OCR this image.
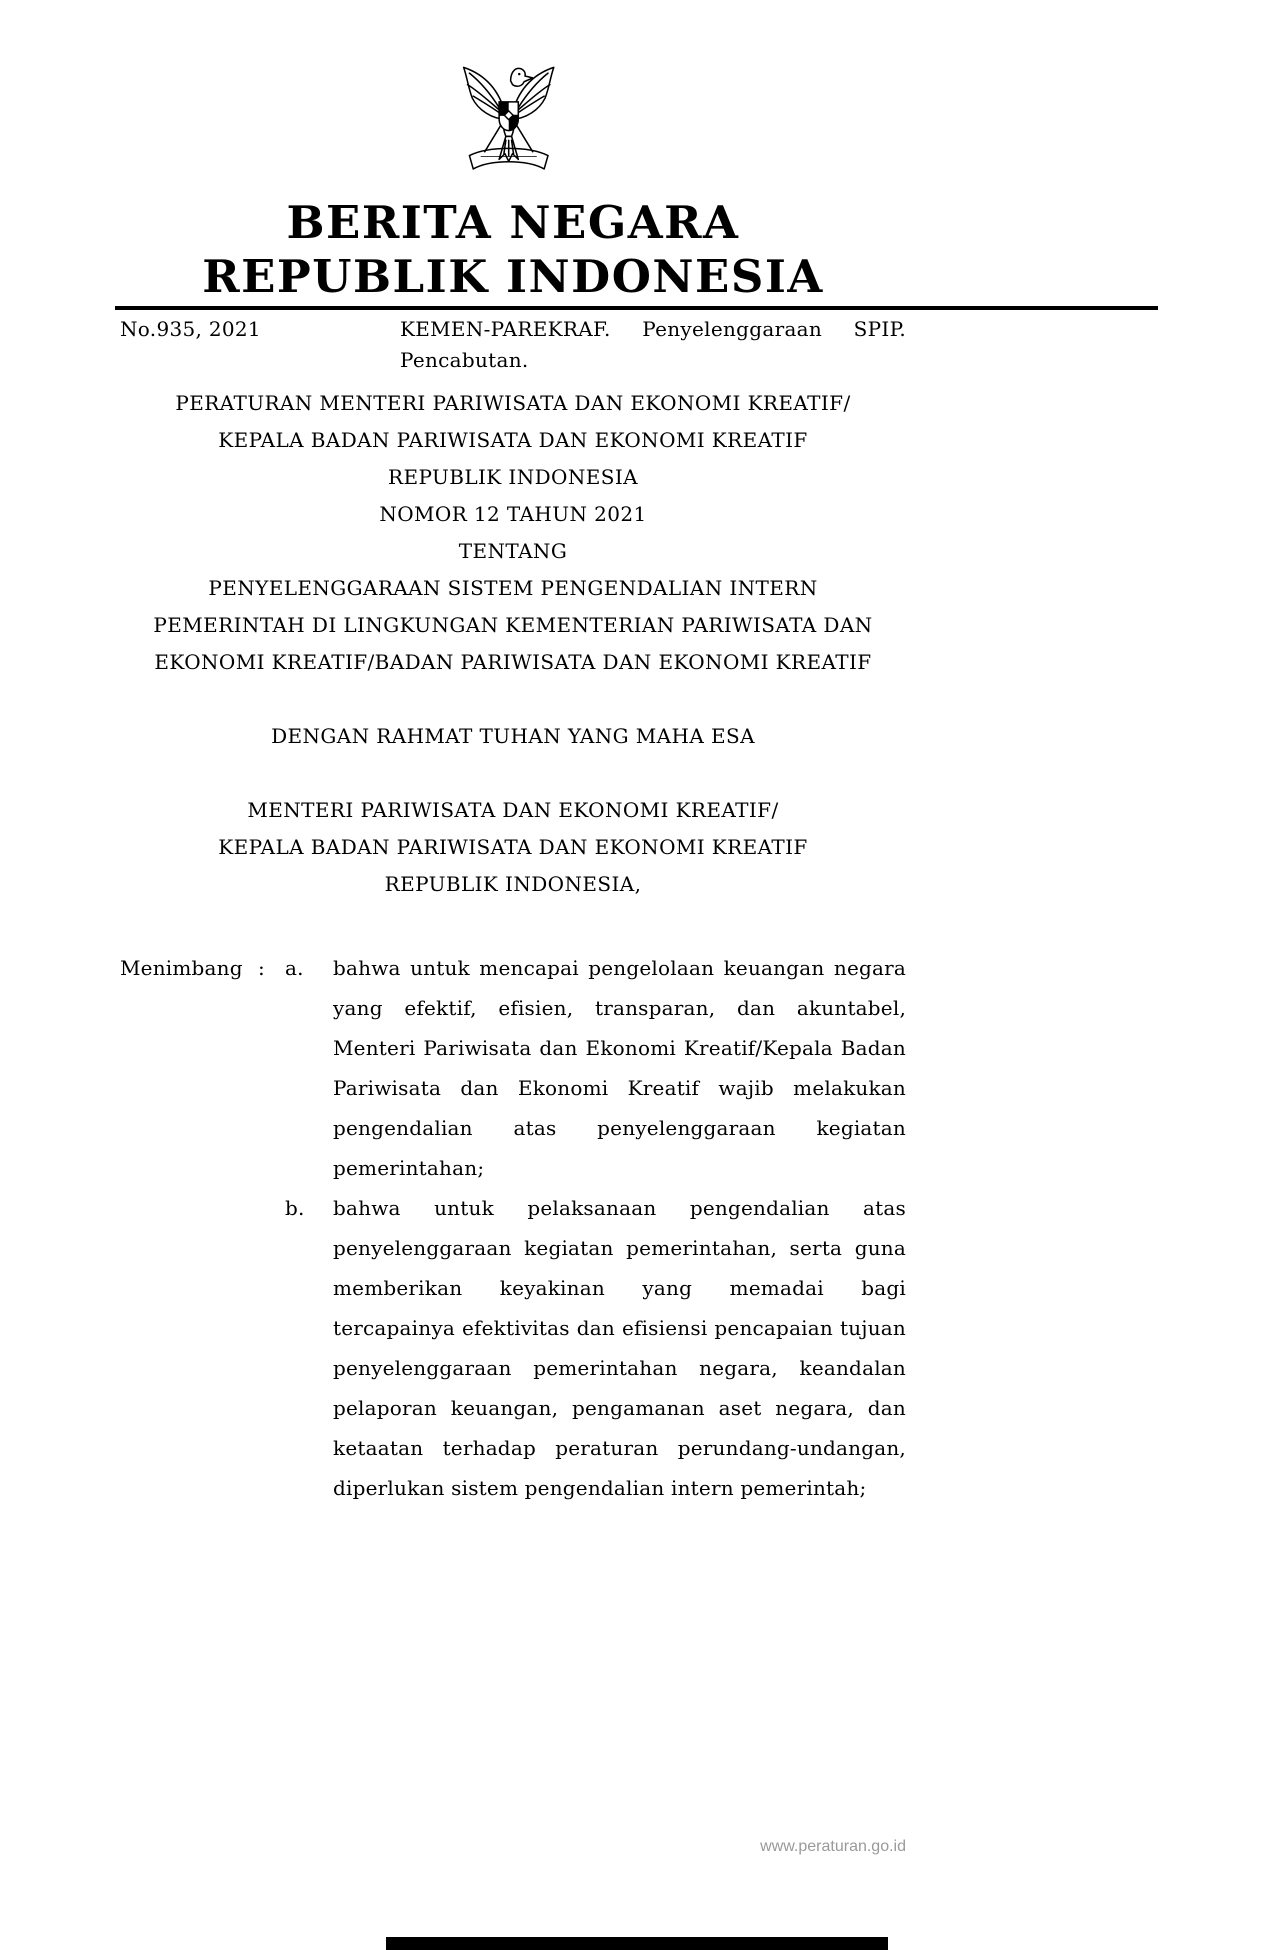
BERITA NEGARA
REPUBLIK INDONESIA
No.935, 2021	KEMEN-PAREKRAF. Penyelenggaraan SPIP.
Pencabutan.
PERATURAN MENTERI PARIWISATA DAN EKONOMI KREATIF/
KEPALA BADAN PARIWISATA DAN EKONOMI KREATIF
REPUBLIK INDONESIA
NOMOR 12 TAHUN 2021
TENTANG
PENYELENGGARAAN SISTEM PENGENDALIAN INTERN
PEMERINTAH DI LINGKUNGAN KEMENTERIAN PARIWISATA DAN
EKONOMI KREATIF/BADAN PARIWISATA DAN EKONOMI KREATIF
DENGAN RAHMAT TUHAN YANG MAHA ESA
MENTERI PARIWISATA DAN EKONOMI KREATIF/
KEPALA BADAN PARIWISATA DAN EKONOMI KREATIF
REPUBLIK INDONESIA,
Menimbang :	a.	bahwa untuk mencapai pengelolaan keuangan negara yang efektif, efisien, transparan, dan akuntabel, Menteri Pariwisata dan Ekonomi Kreatif/Kepala Badan Pariwisata dan Ekonomi Kreatif wajib melakukan pengendalian atas penyelenggaraan kegiatan pemerintahan;
b.	bahwa untuk pelaksanaan pengendalian atas penyelenggaraan kegiatan pemerintahan, serta guna memberikan keyakinan yang memadai bagi tercapainya efektivitas dan efisiensi pencapaian tujuan penyelenggaraan pemerintahan negara, keandalan pelaporan keuangan, pengamanan aset negara, dan ketaatan terhadap peraturan perundang-undangan, diperlukan sistem pengendalian intern pemerintah;
www.peraturan.go.id
